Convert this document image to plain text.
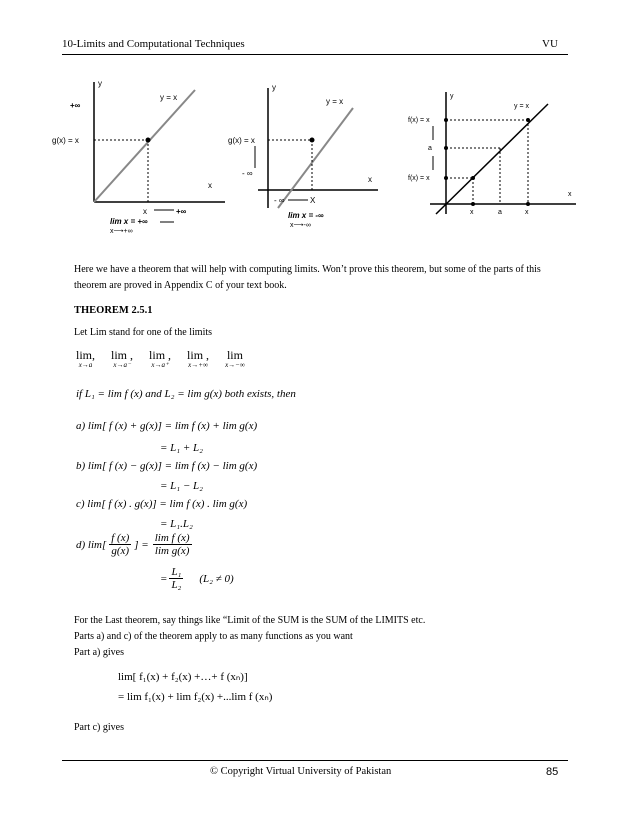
10-Limits and Computational Techniques	VU
y
x
y = x
+∞
g(x) = x
x	+∞
lim x = +∞
x⟶+∞
y
x
y = x
g(x) = x
- ∞
- ∞	X
lim x = -∞
x⟶-∞
y
x
y = x
f(x) = x
a
f(x) = x
x	a	x
Here we have a theorem that will help with computing limits. Won’t prove this theorem, but some of the parts of this theorem are proved in Appendix C of your text book.
THEOREM 2.5.1
Let Lim stand for one of the limits
lim,
x→a

lim ,
x→a⁻

lim ,
x→a⁺

lim ,
x→+∞

lim
x→−∞
if L₁ = lim f (x) and L₂ = lim g(x) both exists, then
a) lim[ f (x) + g(x)] = lim f (x) + lim g(x)
= L₁ + L₂
b) lim[ f (x) − g(x)] = lim f (x) − lim g(x)
= L₁ − L₂
c) lim[ f (x) . g(x)] = lim f (x) . lim g(x)
= L₁.L₂
d) $\lim[ \frac{f (x)}{g(x)}$ ] = $\frac{\text{lim f (x)}}{\text{lim g(x)}}$
= $\frac{\text{L₁}}{\text{L₂}} (L_2 \ne 0)$
For the Last theorem, say things like “Limit of the SUM is the SUM of the LIMITS etc.
Parts a) and c) of the theorem apply to as many functions as you want
Part a) gives
lim[ f₁(x) + f₂(x) +…+ f (xₙ)]
= lim f₁(x) + lim f₂(x) +...lim f (xₙ)
Part c) gives
© Copyright Virtual University of Pakistan	85
